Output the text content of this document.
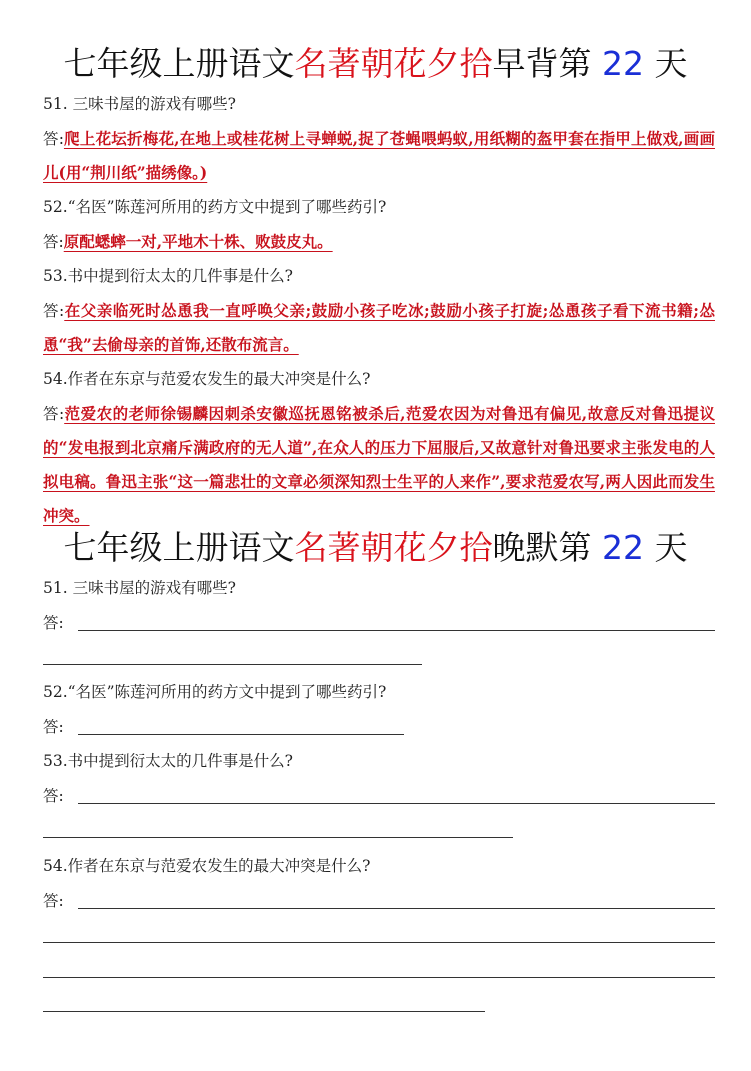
七年级上册语文名著朝花夕拾早背第 22 天
51. 三味书屋的游戏有哪些?
答:爬上花坛折梅花,在地上或桂花树上寻蝉蜕,捉了苍蝇喂蚂蚁,用纸糊的盔甲套在指甲上做戏,画画儿(用“荆川纸”描绣像。)
52.“名医”陈莲河所用的药方文中提到了哪些药引?
答:原配蟋蟀一对,平地木十株、败鼓皮丸。
53.书中提到衍太太的几件事是什么?
答:在父亲临死时怂恿我一直呼唤父亲;鼓励小孩子吃冰;鼓励小孩子打旋;怂恿孩子看下流书籍;怂恿“我”去偷母亲的首饰,还散布流言。
54.作者在东京与范爱农发生的最大冲突是什么?
答:范爱农的老师徐锡麟因刺杀安徽巡抚恩铭被杀后,范爱农因为对鲁迅有偏见,故意反对鲁迅提议的“发电报到北京痛斥满政府的无人道”,在众人的压力下屈服后,又故意针对鲁迅要求主张发电的人拟电稿。鲁迅主张“这一篇悲壮的文章必须深知烈士生平的人来作”,要求范爱农写,两人因此而发生冲突。
七年级上册语文名著朝花夕拾晚默第 22 天
51. 三味书屋的游戏有哪些?
答:
52.“名医”陈莲河所用的药方文中提到了哪些药引?
答:
53.书中提到衍太太的几件事是什么?
答:
54.作者在东京与范爱农发生的最大冲突是什么?
答:
